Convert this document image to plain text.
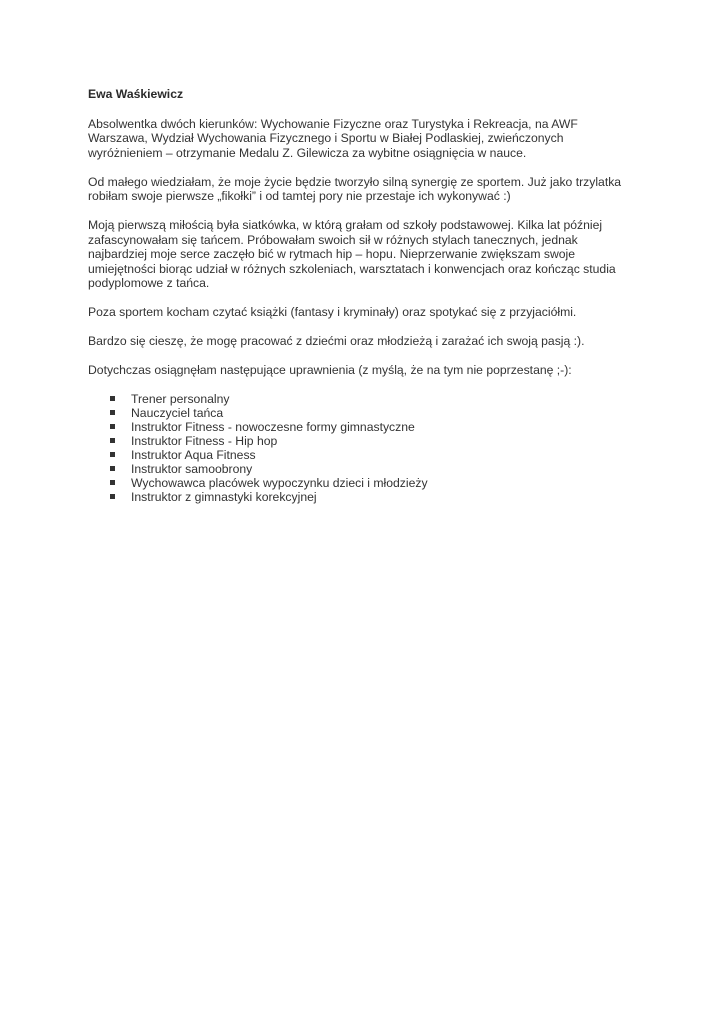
Ewa Waśkiewicz
Absolwentka dwóch kierunków: Wychowanie Fizyczne oraz Turystyka i Rekreacja, na AWF
Warszawa, Wydział Wychowania Fizycznego i Sportu w Białej Podlaskiej, zwieńczonych
wyróżnieniem – otrzymanie Medalu Z. Gilewicza za wybitne osiągnięcia w nauce.
Od małego wiedziałam, że moje życie będzie tworzyło silną synergię ze sportem. Już jako trzylatka
robiłam swoje pierwsze „fikołki” i od tamtej pory nie przestaje ich wykonywać :)
Moją pierwszą miłością była siatkówka, w którą grałam od szkoły podstawowej. Kilka lat później
zafascynowałam się tańcem. Próbowałam swoich sił w różnych stylach tanecznych, jednak
najbardziej moje serce zaczęło bić w rytmach hip – hopu. Nieprzerwanie zwiększam swoje
umiejętności biorąc udział w różnych szkoleniach, warsztatach i konwencjach oraz kończąc studia
podyplomowe z tańca.
Poza sportem kocham czytać książki (fantasy i kryminały) oraz spotykać się z przyjaciółmi.
Bardzo się cieszę, że mogę pracować z dziećmi oraz młodzieżą i zarażać ich swoją pasją :).
Dotychczas osiągnęłam następujące uprawnienia (z myślą, że na tym nie poprzestanę ;-):
Trener personalny
Nauczyciel tańca
Instruktor Fitness - nowoczesne formy gimnastyczne
Instruktor Fitness - Hip hop
Instruktor Aqua Fitness
Instruktor samoobrony
Wychowawca placówek wypoczynku dzieci i młodzieży
Instruktor z gimnastyki korekcyjnej
